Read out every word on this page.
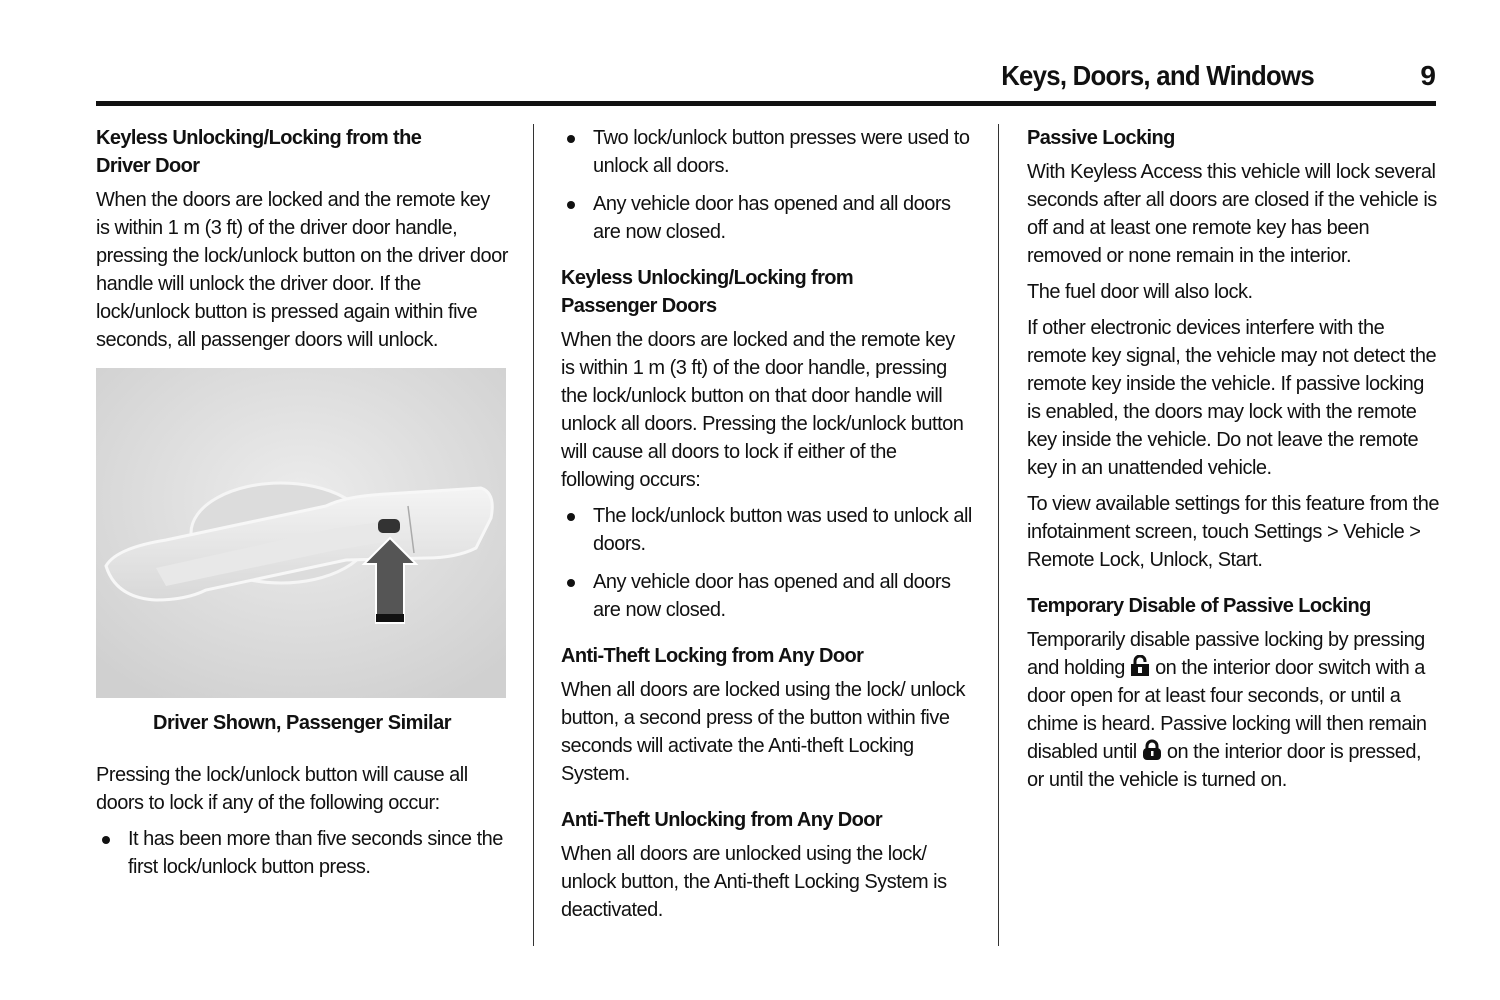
Keys, Doors, and Windows	9
Keyless Unlocking/Locking from the Driver Door
When the doors are locked and the remote key is within 1 m (3 ft) of the driver door handle, pressing the lock/unlock button on the driver door handle will unlock the driver door. If the lock/unlock button is pressed again within five seconds, all passenger doors will unlock.
Driver Shown, Passenger Similar
Pressing the lock/unlock button will cause all doors to lock if any of the following occur:
It has been more than five seconds since the first lock/unlock button press.
Two lock/unlock button presses were used to unlock all doors.
Any vehicle door has opened and all doors are now closed.
Keyless Unlocking/Locking from Passenger Doors
When the doors are locked and the remote key is within 1 m (3 ft) of the door handle, pressing the lock/unlock button on that door handle will unlock all doors. Pressing the lock/unlock button will cause all doors to lock if either of the following occurs:
The lock/unlock button was used to unlock all doors.
Any vehicle door has opened and all doors are now closed.
Anti-Theft Locking from Any Door
When all doors are locked using the lock/ unlock button, a second press of the button within five seconds will activate the Anti-theft Locking System.
Anti-Theft Unlocking from Any Door
When all doors are unlocked using the lock/ unlock button, the Anti-theft Locking System is deactivated.
Passive Locking
With Keyless Access this vehicle will lock several seconds after all doors are closed if the vehicle is off and at least one remote key has been removed or none remain in the interior.
The fuel door will also lock.
If other electronic devices interfere with the remote key signal, the vehicle may not detect the remote key inside the vehicle. If passive locking is enabled, the doors may lock with the remote key inside the vehicle. Do not leave the remote key in an unattended vehicle.
To view available settings for this feature from the infotainment screen, touch Settings > Vehicle > Remote Lock, Unlock, Start.
Temporary Disable of Passive Locking
Temporarily disable passive locking by pressing and holding on the interior door switch with a door open for at least four seconds, or until a chime is heard. Passive locking will then remain disabled until on the interior door is pressed, or until the vehicle is turned on.
